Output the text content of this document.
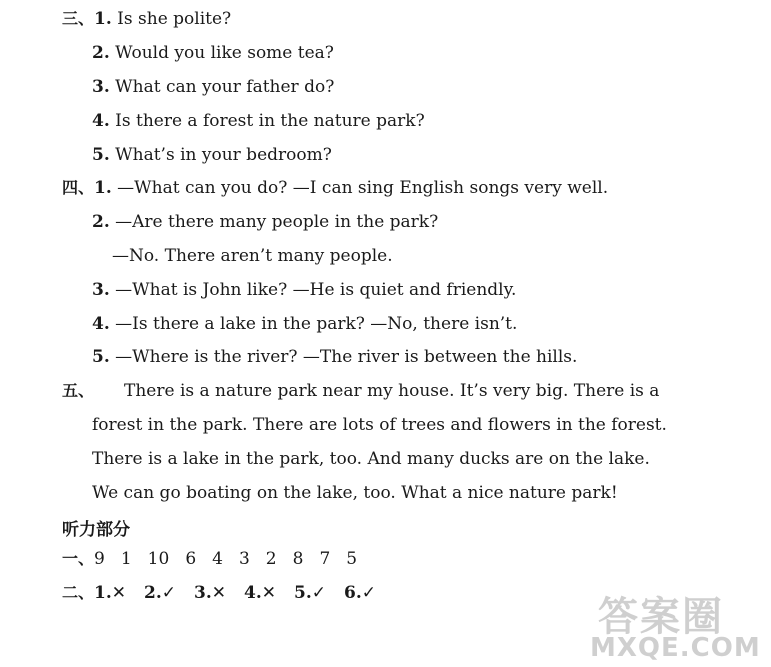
三、1. Is she polite?
2. Would you like some tea?
3. What can your father do?
4. Is there a forest in the nature park?
5. What’s in your bedroom?
四、1. —What can you do? —I can sing English songs very well.
2. —Are there many people in the park?
—No. There aren’t many people.
3. —What is John like? —He is quiet and friendly.
4. —Is there a lake in the park? —No, there isn’t.
5. —Where is the river? —The river is between the hills.
五、 There is a nature park near my house. It’s very big. There is a
forest in the park. There are lots of trees and flowers in the forest.
There is a lake in the park, too. And many ducks are on the lake.
We can go boating on the lake, too. What a nice nature park!
听力部分
一、9 1 10 6 4 3 2 8 7 5
二、1.✕ 2.✓ 3.✕ 4.✕ 5.✓ 6.✓
答案圈
MXQE.COM
